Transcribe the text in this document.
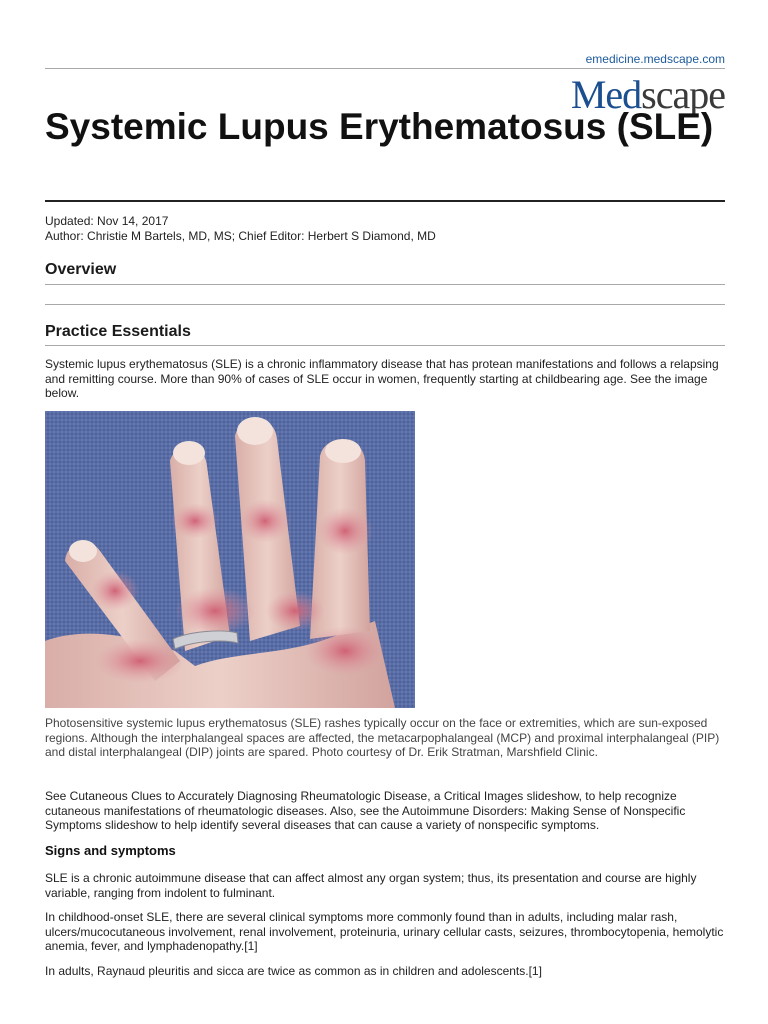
emedicine.medscape.com
Medscape
Systemic Lupus Erythematosus (SLE)
Updated: Nov 14, 2017
Author: Christie M Bartels, MD, MS; Chief Editor: Herbert S Diamond, MD
Overview
Practice Essentials

Systemic lupus erythematosus (SLE) is a chronic inflammatory disease that has protean manifestations and follows a relapsing and remitting course. More than 90% of cases of SLE occur in women, frequently starting at childbearing age. See the image below.

Photosensitive systemic lupus erythematosus (SLE) rashes typically occur on the face or extremities, which are sun-exposed regions. Although the interphalangeal spaces are affected, the metacarpophalangeal (MCP) and proximal interphalangeal (PIP) and distal interphalangeal (DIP) joints are spared. Photo courtesy of Dr. Erik Stratman, Marshfield Clinic.

See Cutaneous Clues to Accurately Diagnosing Rheumatologic Disease, a Critical Images slideshow, to help recognize cutaneous manifestations of rheumatologic diseases. Also, see the Autoimmune Disorders: Making Sense of Nonspecific Symptoms slideshow to help identify several diseases that can cause a variety of nonspecific symptoms.

Signs and symptoms

SLE is a chronic autoimmune disease that can affect almost any organ system; thus, its presentation and course are highly variable, ranging from indolent to fulminant.

In childhood-onset SLE, there are several clinical symptoms more commonly found than in adults, including malar rash, ulcers/mucocutaneous involvement, renal involvement, proteinuria, urinary cellular casts, seizures, thrombocytopenia, hemolytic anemia, fever, and lymphadenopathy.[1]

In adults, Raynaud pleuritis and sicca are twice as common as in children and adolescents.[1]
